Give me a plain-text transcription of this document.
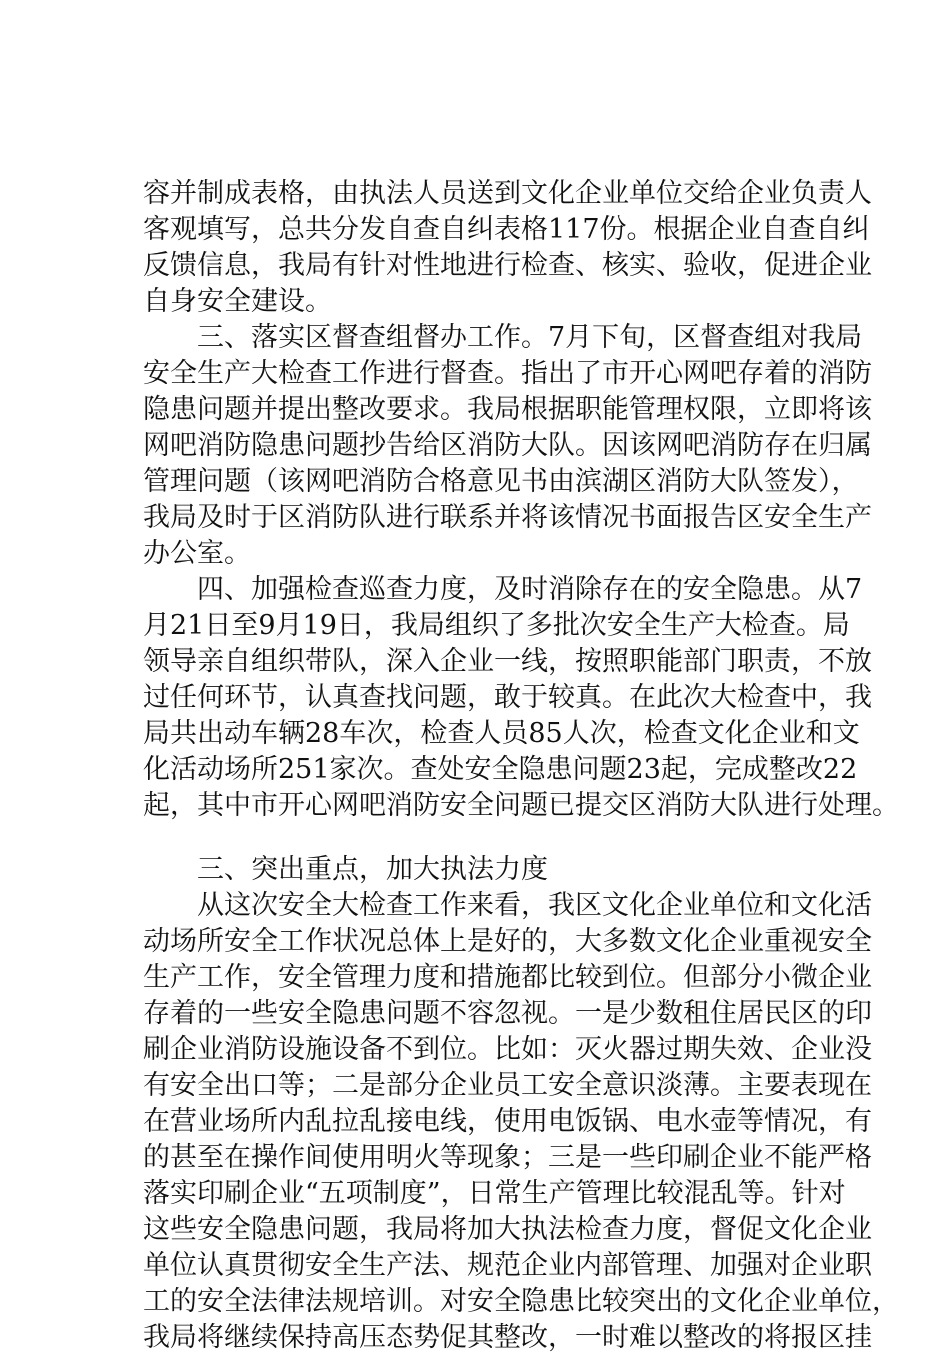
容并制成表格，由执法人员送到文化企业单位交给企业负责人
客观填写，总共分发自查自纠表格117份。根据企业自查自纠
反馈信息，我局有针对性地进行检查、核实、验收，促进企业
自身安全建设。
　　三、落实区督查组督办工作。7月下旬，区督查组对我局
安全生产大检查工作进行督查。指出了市开心网吧存着的消防
隐患问题并提出整改要求。我局根据职能管理权限，立即将该
网吧消防隐患问题抄告给区消防大队。因该网吧消防存在归属
管理问题（该网吧消防合格意见书由滨湖区消防大队签发），
我局及时于区消防队进行联系并将该情况书面报告区安全生产
办公室。
　　四、加强检查巡查力度，及时消除存在的安全隐患。从7
月21日至9月19日，我局组织了多批次安全生产大检查。局
领导亲自组织带队，深入企业一线，按照职能部门职责，不放
过任何环节，认真查找问题，敢于较真。在此次大检查中，我
局共出动车辆28车次，检查人员85人次，检查文化企业和文
化活动场所251家次。查处安全隐患问题23起，完成整改22
起，其中市开心网吧消防安全问题已提交区消防大队进行处理。
　　三、突出重点，加大执法力度
　　从这次安全大检查工作来看，我区文化企业单位和文化活
动场所安全工作状况总体上是好的，大多数文化企业重视安全
生产工作，安全管理力度和措施都比较到位。但部分小微企业
存着的一些安全隐患问题不容忽视。一是少数租住居民区的印
刷企业消防设施设备不到位。比如：灭火器过期失效、企业没
有安全出口等；二是部分企业员工安全意识淡薄。主要表现在
在营业场所内乱拉乱接电线，使用电饭锅、电水壶等情况，有
的甚至在操作间使用明火等现象；三是一些印刷企业不能严格
落实印刷企业“五项制度”，日常生产管理比较混乱等。针对
这些安全隐患问题，我局将加大执法检查力度，督促文化企业
单位认真贯彻安全生产法、规范企业内部管理、加强对企业职
工的安全法律法规培训。对安全隐患比较突出的文化企业单位，
我局将继续保持高压态势促其整改，一时难以整改的将报区挂
